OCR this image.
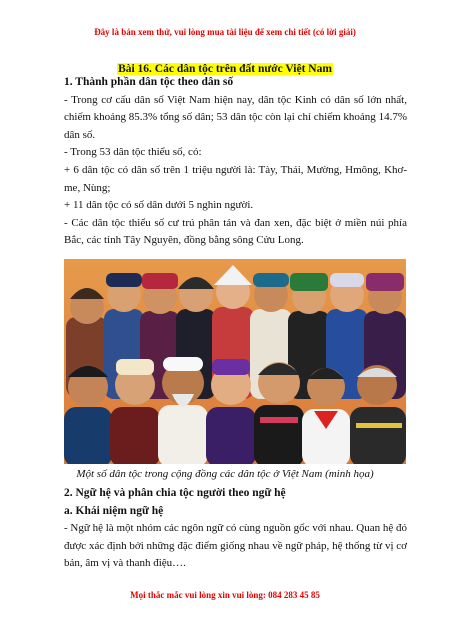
Đây là bản xem thử, vui lòng mua tài liệu để xem chi tiết (có lời giải)
Bài 16. Các dân tộc trên đất nước Việt Nam

1. Thành phần dân tộc theo dân số

- Trong cơ cấu dân số Việt Nam hiện nay, dân tộc Kinh có dân số lớn nhất, chiếm khoảng 85.3% tổng số dân; 53 dân tộc còn lại chỉ chiếm khoảng 14.7% dân số.

- Trong 53 dân tộc thiểu số, có:

+ 6 dân tộc có dân số trên 1 triệu người là: Tày, Thái, Mường, Hmông, Khơ-me, Nùng;

+ 11 dân tộc có số dân dưới 5 nghìn người.

- Các dân tộc thiểu số cư trú phân tán và đan xen, đặc biệt ở miền núi phía Bắc, các tỉnh Tây Nguyên, đồng bằng sông Cửu Long.

Một số dân tộc trong cộng đồng các dân tộc ở Việt Nam (minh họa)

2. Ngữ hệ và phân chia tộc người theo ngữ hệ

a. Khái niệm ngữ hệ

- Ngữ hệ là một nhóm các ngôn ngữ có cùng nguồn gốc với nhau. Quan hệ đó được xác định bởi những đặc điểm giống nhau về ngữ pháp, hệ thống từ vị cơ bản, âm vị và thanh điệu….

Mọi thắc mắc vui lòng xin vui lòng: 084 283 45 85
